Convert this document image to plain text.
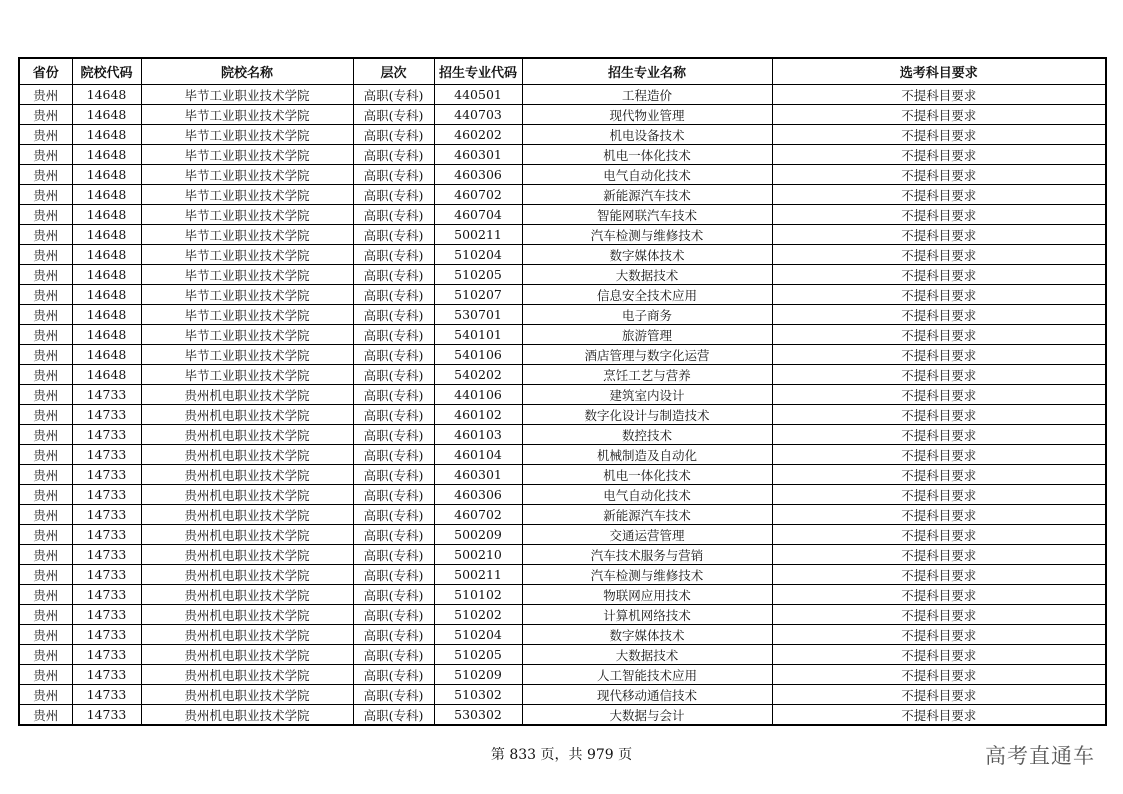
省份	院校代码	院校名称	层次	招生专业代码	招生专业名称	选考科目要求
贵州	14648	毕节工业职业技术学院	高职(专科)	440501	工程造价	不提科目要求
贵州	14648	毕节工业职业技术学院	高职(专科)	440703	现代物业管理	不提科目要求
贵州	14648	毕节工业职业技术学院	高职(专科)	460202	机电设备技术	不提科目要求
贵州	14648	毕节工业职业技术学院	高职(专科)	460301	机电一体化技术	不提科目要求
贵州	14648	毕节工业职业技术学院	高职(专科)	460306	电气自动化技术	不提科目要求
贵州	14648	毕节工业职业技术学院	高职(专科)	460702	新能源汽车技术	不提科目要求
贵州	14648	毕节工业职业技术学院	高职(专科)	460704	智能网联汽车技术	不提科目要求
贵州	14648	毕节工业职业技术学院	高职(专科)	500211	汽车检测与维修技术	不提科目要求
贵州	14648	毕节工业职业技术学院	高职(专科)	510204	数字媒体技术	不提科目要求
贵州	14648	毕节工业职业技术学院	高职(专科)	510205	大数据技术	不提科目要求
贵州	14648	毕节工业职业技术学院	高职(专科)	510207	信息安全技术应用	不提科目要求
贵州	14648	毕节工业职业技术学院	高职(专科)	530701	电子商务	不提科目要求
贵州	14648	毕节工业职业技术学院	高职(专科)	540101	旅游管理	不提科目要求
贵州	14648	毕节工业职业技术学院	高职(专科)	540106	酒店管理与数字化运营	不提科目要求
贵州	14648	毕节工业职业技术学院	高职(专科)	540202	烹饪工艺与营养	不提科目要求
贵州	14733	贵州机电职业技术学院	高职(专科)	440106	建筑室内设计	不提科目要求
贵州	14733	贵州机电职业技术学院	高职(专科)	460102	数字化设计与制造技术	不提科目要求
贵州	14733	贵州机电职业技术学院	高职(专科)	460103	数控技术	不提科目要求
贵州	14733	贵州机电职业技术学院	高职(专科)	460104	机械制造及自动化	不提科目要求
贵州	14733	贵州机电职业技术学院	高职(专科)	460301	机电一体化技术	不提科目要求
贵州	14733	贵州机电职业技术学院	高职(专科)	460306	电气自动化技术	不提科目要求
贵州	14733	贵州机电职业技术学院	高职(专科)	460702	新能源汽车技术	不提科目要求
贵州	14733	贵州机电职业技术学院	高职(专科)	500209	交通运营管理	不提科目要求
贵州	14733	贵州机电职业技术学院	高职(专科)	500210	汽车技术服务与营销	不提科目要求
贵州	14733	贵州机电职业技术学院	高职(专科)	500211	汽车检测与维修技术	不提科目要求
贵州	14733	贵州机电职业技术学院	高职(专科)	510102	物联网应用技术	不提科目要求
贵州	14733	贵州机电职业技术学院	高职(专科)	510202	计算机网络技术	不提科目要求
贵州	14733	贵州机电职业技术学院	高职(专科)	510204	数字媒体技术	不提科目要求
贵州	14733	贵州机电职业技术学院	高职(专科)	510205	大数据技术	不提科目要求
贵州	14733	贵州机电职业技术学院	高职(专科)	510209	人工智能技术应用	不提科目要求
贵州	14733	贵州机电职业技术学院	高职(专科)	510302	现代移动通信技术	不提科目要求
贵州	14733	贵州机电职业技术学院	高职(专科)	530302	大数据与会计	不提科目要求
第 833 页，共 979 页	高考直通车
